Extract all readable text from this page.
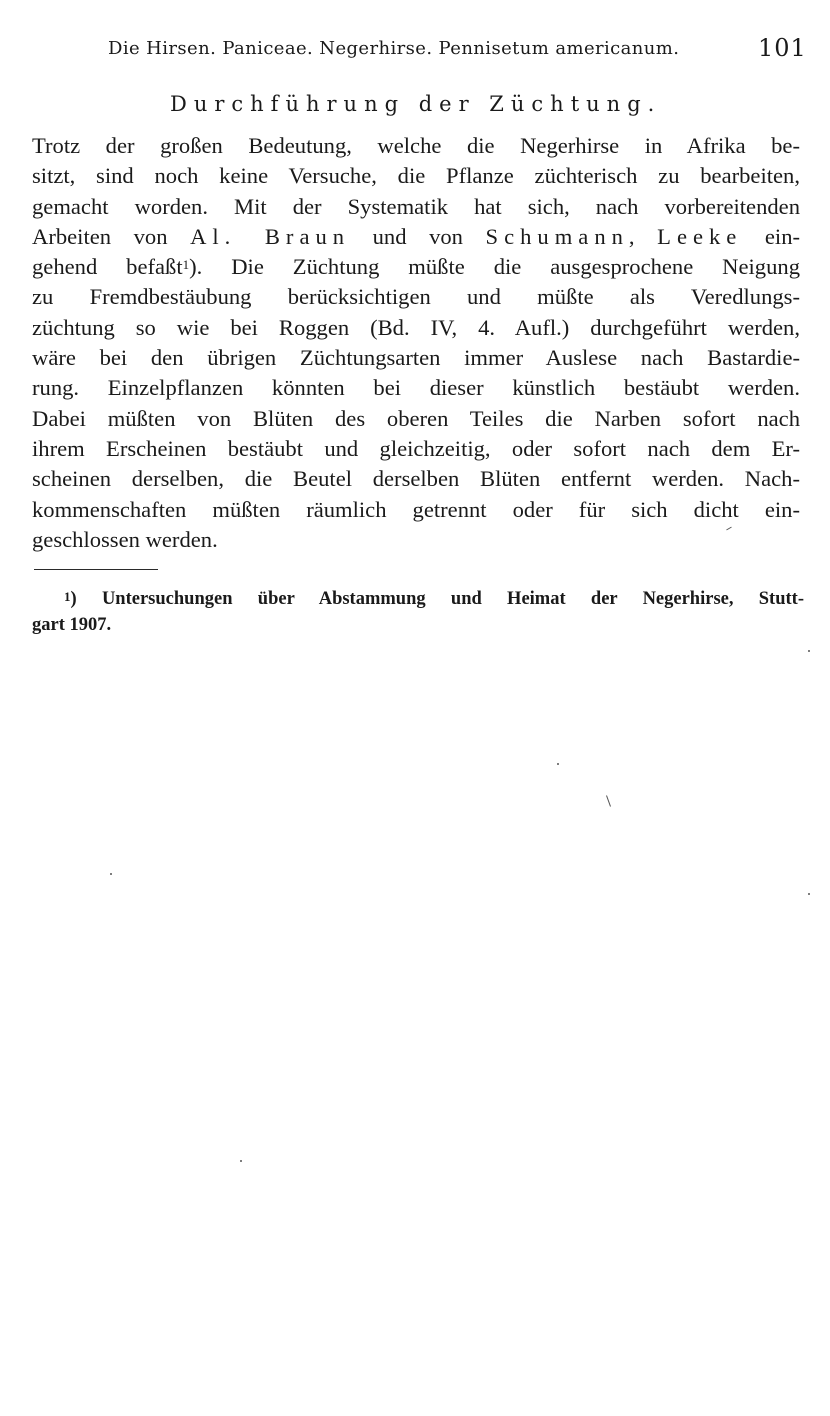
Die Hirsen. Paniceae. Negerhirse. Pennisetum americanum.	101
Durchführung der Züchtung.
Trotz der großen Bedeutung, welche die Negerhirse in Afrika be-
sitzt, sind noch keine Versuche, die Pflanze züchterisch zu bearbeiten,
gemacht worden. Mit der Systematik hat sich, nach vorbereitenden
Arbeiten von Al. Braun und von Schumann, Leeke ein-
gehend befaßt$^1$). Die Züchtung müßte die ausgesprochene Neigung
zu Fremdbestäubung berücksichtigen und müßte als Veredlungs-
züchtung so wie bei Roggen (Bd. IV, 4. Aufl.) durchgeführt werden,
wäre bei den übrigen Züchtungsarten immer Auslese nach Bastardie-
rung. Einzelpflanzen könnten bei dieser künstlich bestäubt werden.
Dabei müßten von Blüten des oberen Teiles die Narben sofort nach
ihrem Erscheinen bestäubt und gleichzeitig, oder sofort nach dem Er-
scheinen derselben, die Beutel derselben Blüten entfernt werden. Nach-
kommenschaften müßten räumlich getrennt oder für sich dicht ein-
geschlossen werden.
$^1$) Untersuchungen über Abstammung und Heimat der Negerhirse, Stutt-
gart 1907.
